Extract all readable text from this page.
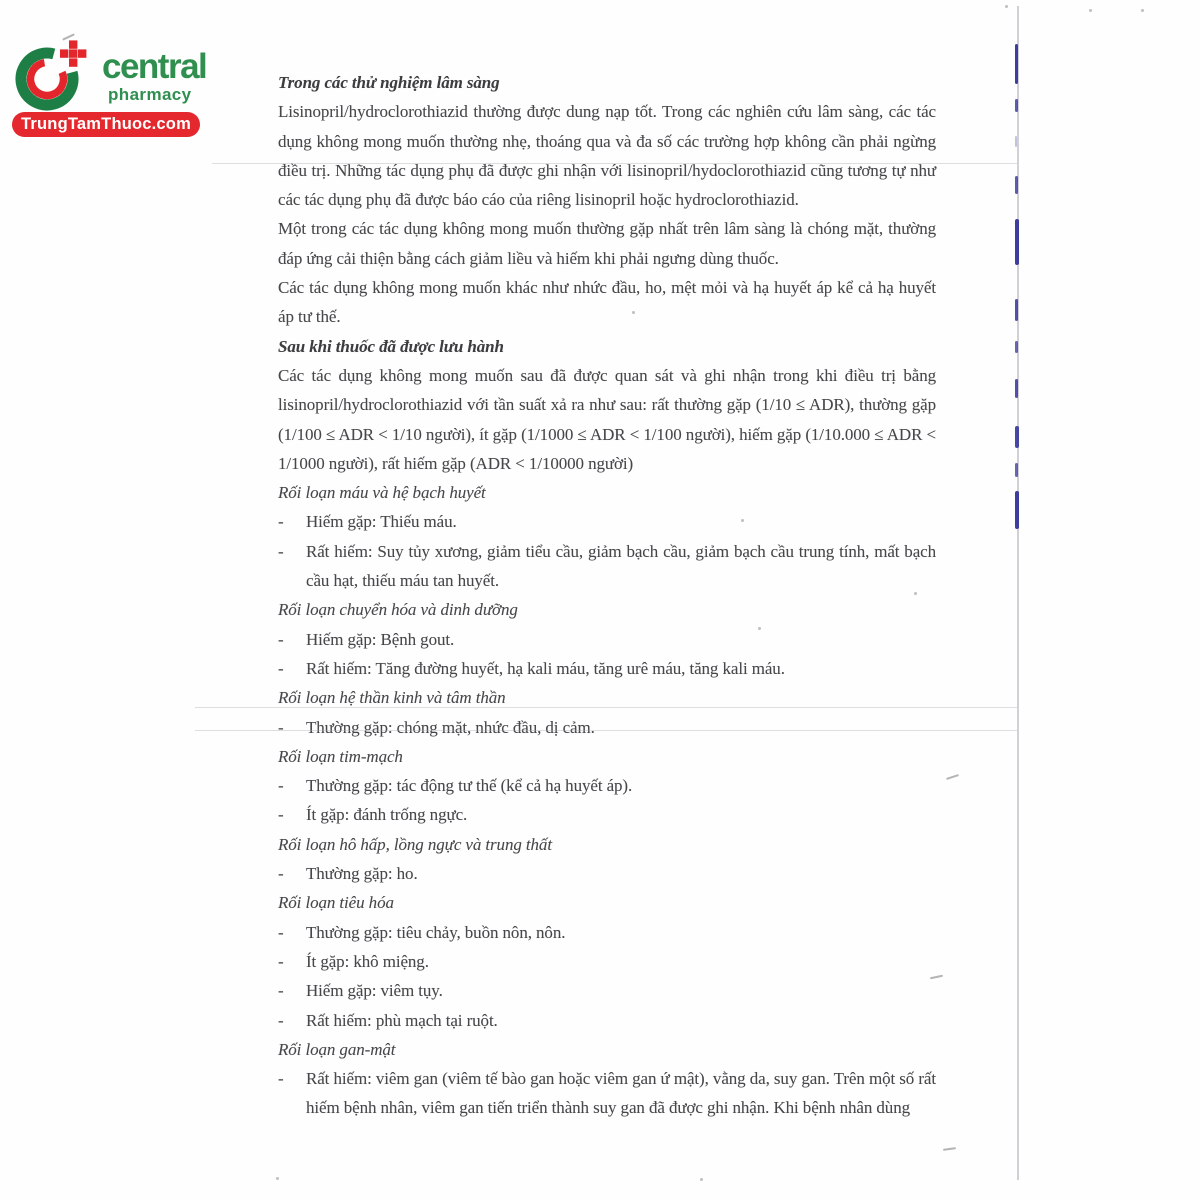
central
pharmacy
TrungTamThuoc.com
Trong các thử nghiệm lâm sàng
Lisinopril/hydroclorothiazid thường được dung nạp tốt. Trong các nghiên cứu lâm sàng, các tác dụng không mong muốn thường nhẹ, thoáng qua và đa số các trường hợp không cần phải ngừng điều trị. Những tác dụng phụ đã được ghi nhận với lisinopril/hydoclorothiazid cũng tương tự như các tác dụng phụ đã được báo cáo của riêng lisinopril hoặc hydroclorothiazid.
Một trong các tác dụng không mong muốn thường gặp nhất trên lâm sàng là chóng mặt, thường đáp ứng cải thiện bằng cách giảm liều và hiếm khi phải ngưng dùng thuốc.
Các tác dụng không mong muốn khác như nhức đầu, ho, mệt mỏi và hạ huyết áp kể cả hạ huyết áp tư thế.
Sau khi thuốc đã được lưu hành
Các tác dụng không mong muốn sau đã được quan sát và ghi nhận trong khi điều trị bằng lisinopril/hydroclorothiazid với tần suất xả ra như sau: rất thường gặp (1/10 ≤ ADR), thường gặp (1/100 ≤ ADR < 1/10 người), ít gặp (1/1000 ≤ ADR < 1/100 người), hiếm gặp (1/10.000 ≤ ADR < 1/1000 người), rất hiếm gặp (ADR < 1/10000 người)
Rối loạn máu và hệ bạch huyết
-	Hiếm gặp: Thiếu máu.
-	Rất hiếm: Suy tủy xương, giảm tiểu cầu, giảm bạch cầu, giảm bạch cầu trung tính, mất bạch cầu hạt, thiếu máu tan huyết.
Rối loạn chuyển hóa và dinh dưỡng
-	Hiếm gặp: Bệnh gout.
-	Rất hiếm: Tăng đường huyết, hạ kali máu, tăng urê máu, tăng kali máu.
Rối loạn hệ thần kinh và tâm thần
-	Thường gặp: chóng mặt, nhức đầu, dị cảm.
Rối loạn tim-mạch
-	Thường gặp: tác động tư thế (kể cả hạ huyết áp).
-	Ít gặp: đánh trống ngực.
Rối loạn hô hấp, lồng ngực và trung thất
-	Thường gặp: ho.
Rối loạn tiêu hóa
-	Thường gặp: tiêu chảy, buồn nôn, nôn.
-	Ít gặp: khô miệng.
-	Hiếm gặp: viêm tụy.
-	Rất hiếm: phù mạch tại ruột.
Rối loạn gan-mật
-	Rất hiếm: viêm gan (viêm tế bào gan hoặc viêm gan ứ mật), vằng da, suy gan. Trên một số rất hiếm bệnh nhân, viêm gan tiến triển thành suy gan đã được ghi nhận. Khi bệnh nhân dùng
